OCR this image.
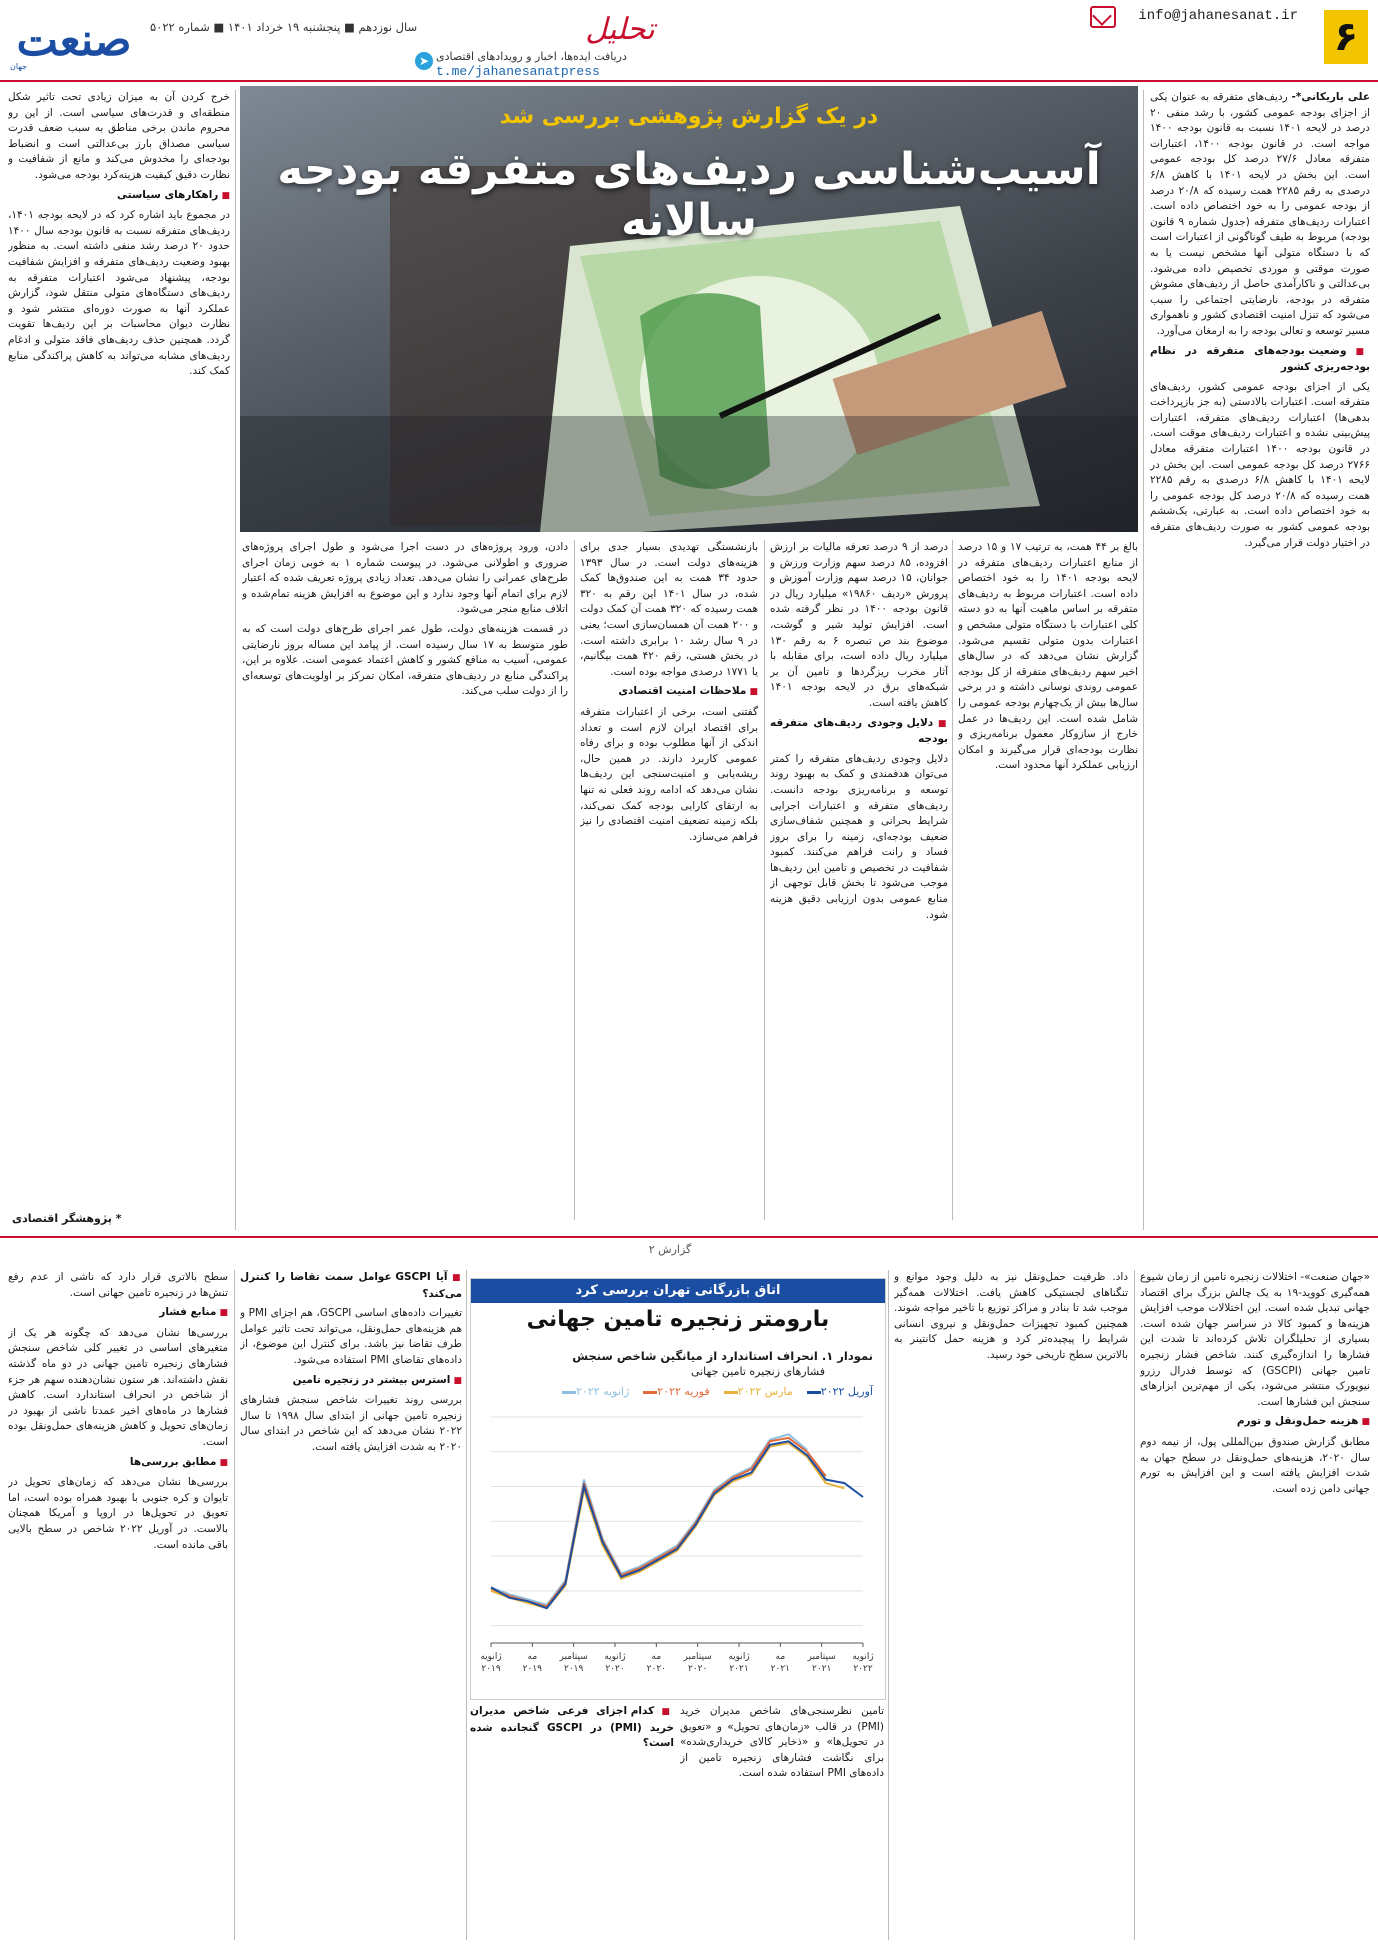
۶
info@jahanesanat.ir
تحلیل
دریافت ایده‌ها، اخبار و رویدادهای اقتصادی
➤
t.me/jahanesanatpress
سال نوزدهم ■ پنجشنبه ۱۹ خرداد ۱۴۰۱ ■ شماره ۵۰۲۲
صنعت
جهان

علی باریکانی*- ردیف‌های متفرقه به عنوان یکی از اجزای بودجه عمومی کشور، با رشد منفی ۲۰ درصد در لایحه ۱۴۰۱ نسبت به قانون بودجه ۱۴۰۰ مواجه است. در قانون بودجه ۱۴۰۰، اعتبارات متفرقه معادل ۲۷/۶ درصد کل بودجه عمومی است. این بخش در لایحه ۱۴۰۱ با کاهش ۶/۸ درصدی به رقم ۲۲۸۵ همت رسیده که ۲۰/۸ درصد از بودجه عمومی را به خود اختصاص داده است. اعتبارات ردیف‌های متفرقه (جدول شماره ۹ قانون بودجه) مربوط به طیف گوناگونی از اعتبارات است که با دستگاه متولی آنها مشخص نیست یا به صورت موقتی و موردی تخصیص داده می‌شود. بی‌عدالتی و ناکارآمدی حاصل از ردیف‌های مشوش متفرقه در بودجه، نارضایتی اجتماعی را سبب می‌شود که تنزل امنیت اقتصادی کشور و ناهمواری مسیر توسعه و تعالی بودجه را به ارمغان می‌آورد.

■ وضعیت بودجه‌های متفرقه در نظام بودجه‌ریزی کشور

یکی از اجزای بودجه عمومی کشور، ردیف‌های متفرقه است. اعتبارات بالادستی (به جز بازپرداخت بدهی‌ها) اعتبارات ردیف‌های متفرقه، اعتبارات پیش‌بینی نشده و اعتبارات ردیف‌های موقت است. در قانون بودجه ۱۴۰۰ اعتبارات متفرقه معادل ۲۷۶۶ درصد کل بودجه عمومی است. این بخش در لایحه ۱۴۰۱ با کاهش ۶/۸ درصدی به رقم ۲۲۸۵ همت رسیده که ۲۰/۸ درصد کل بودجه عمومی را به خود اختصاص داده است. به عبارتی، یک‌ششم بودجه عمومی کشور به صورت ردیف‌های متفرقه در اختیار دولت قرار می‌گیرد.

در یک گزارش پژوهشی بررسی شد
آسیب‌شناسی ردیف‌های متفرقه بودجه سالانه

خرج کردن آن به میزان زیادی تحت تاثیر شکل منطقه‌ای و قدرت‌های سیاسی است. از این رو محروم ماندن برخی مناطق به سبب ضعف قدرت سیاسی مصداق بارز بی‌عدالتی است و انضباط بودجه‌ای را مخدوش می‌کند و مانع از شفافیت و نظارت دقیق کیفیت هزینه‌کرد بودجه می‌شود.

■ راهکارهای سیاستی

در مجموع باید اشاره کرد که در لایحه بودجه ۱۴۰۱، ردیف‌های متفرقه نسبت به قانون بودجه سال ۱۴۰۰ حدود ۲۰ درصد رشد منفی داشته است. به منظور بهبود وضعیت ردیف‌های متفرقه و افزایش شفافیت بودجه، پیشنهاد می‌شود اعتبارات متفرقه به ردیف‌های دستگاه‌های متولی منتقل شود، گزارش عملکرد آنها به صورت دوره‌ای منتشر شود و نظارت دیوان محاسبات بر این ردیف‌ها تقویت گردد. همچنین حذف ردیف‌های فاقد متولی و ادغام ردیف‌های مشابه می‌تواند به کاهش پراکندگی منابع کمک کند.

* پژوهشگر اقتصادی

بالغ بر ۴۴ همت، به ترتیب ۱۷ و ۱۵ درصد از منابع اعتبارات ردیف‌های متفرقه در لایحه بودجه ۱۴۰۱ را به خود اختصاص داده است. اعتبارات مربوط به ردیف‌های متفرقه بر اساس ماهیت آنها به دو دسته کلی اعتبارات با دستگاه متولی مشخص و اعتبارات بدون متولی تقسیم می‌شود. گزارش نشان می‌دهد که در سال‌های اخیر سهم ردیف‌های متفرقه از کل بودجه عمومی روندی نوسانی داشته و در برخی سال‌ها بیش از یک‌چهارم بودجه عمومی را شامل شده است. این ردیف‌ها در عمل خارج از سازوکار معمول برنامه‌ریزی و نظارت بودجه‌ای قرار می‌گیرند و امکان ارزیابی عملکرد آنها محدود است.

درصد از ۹ درصد تعرفه مالیات بر ارزش افزوده، ۸۵ درصد سهم وزارت ورزش و جوانان، ۱۵ درصد سهم وزارت آموزش و پرورش «ردیف ۱۹۸۶۰» میلیارد ریال در قانون بودجه ۱۴۰۰ در نظر گرفته شده است. افزایش تولید شیر و گوشت، موضوع بند ص تبصره ۶ به رقم ۱۳۰ میلیارد ریال داده است، برای مقابله با آثار مخرب ریزگردها و تامین آن بر شبکه‌های برق در لایحه بودجه ۱۴۰۱ کاهش یافته است.

■ دلایل وجودی ردیف‌های متفرقه بودجه

دلایل وجودی ردیف‌های متفرقه را کمتر می‌توان هدفمندی و کمک به بهبود روند توسعه و برنامه‌ریزی بودجه دانست. ردیف‌های متفرقه و اعتبارات اجرایی شرایط بحرانی و همچنین شفاف‌سازی ضعیف بودجه‌ای، زمینه را برای بروز فساد و رانت فراهم می‌کنند. کمبود شفافیت در تخصیص و تامین این ردیف‌ها موجب می‌شود تا بخش قابل توجهی از منابع عمومی بدون ارزیابی دقیق هزینه شود.

بازنشستگی تهدیدی بسیار جدی برای هزینه‌های دولت است. در سال ۱۳۹۳ حدود ۳۴ همت به این صندوق‌ها کمک شده، در سال ۱۴۰۱ این رقم به ۳۲۰ همت رسیده که ۳۲۰ همت آن کمک دولت و ۲۰۰ همت آن همسان‌سازی است؛ یعنی در ۹ سال رشد ۱۰ برابری داشته است. در بخش هستی، رقم ۴۲۰ همت بیگانیم، یا ۱۷۷۱ درصدی مواجه بوده است.

■ ملاحظات امنیت اقتصادی

گفتنی است، برخی از اعتبارات متفرقه برای اقتصاد ایران لازم است و تعداد اندکی از آنها مطلوب بوده و برای رفاه عمومی کاربرد دارند. در همین حال، ریشه‌یابی و امنیت‌سنجی این ردیف‌ها نشان می‌دهد که ادامه روند فعلی نه تنها به ارتقای کارایی بودجه کمک نمی‌کند، بلکه زمینه تضعیف امنیت اقتصادی را نیز فراهم می‌سازد.

دادن، ورود پروژه‌های در دست اجرا می‌شود و طول اجرای پروژه‌های ضروری و اطولانی می‌شود. در پیوست شماره ۱ به خوبی زمان اجرای طرح‌های عمرانی را نشان می‌دهد. تعداد زیادی پروژه تعریف شده که اعتبار لازم برای اتمام آنها وجود ندارد و این موضوع به افزایش هزینه تمام‌شده و اتلاف منابع منجر می‌شود.

در قسمت هزینه‌های دولت، طول عمر اجرای طرح‌های دولت است که به طور متوسط به ۱۷ سال رسیده است. از پیامد این مساله بروز نارضایتی عمومی، آسیب به منافع کشور و کاهش اعتماد عمومی است. علاوه بر این، پراکندگی منابع در ردیف‌های متفرقه، امکان تمرکز بر اولویت‌های توسعه‌ای را از دولت سلب می‌کند.

گزارش ۲

«جهان صنعت»- اختلالات زنجیره تامین از زمان شیوع همه‌گیری کووید-۱۹ به یک چالش بزرگ برای اقتصاد جهانی تبدیل شده است. این اختلالات موجب افزایش هزینه‌ها و کمبود کالا در سراسر جهان شده است. بسیاری از تحلیلگران تلاش کرده‌اند تا شدت این فشارها را اندازه‌گیری کنند. شاخص فشار زنجیره تامین جهانی (GSCPI) که توسط فدرال رزرو نیویورک منتشر می‌شود، یکی از مهم‌ترین ابزارهای سنجش این فشارها است.

■ هزینه حمل‌ونقل و تورم

مطابق گزارش صندوق بین‌المللی پول، از نیمه دوم سال ۲۰۲۰، هزینه‌های حمل‌ونقل در سطح جهان به شدت افزایش یافته است و این افزایش به تورم جهانی دامن زده است.

داد. ظرفیت حمل‌ونقل نیز به دلیل وجود موانع و تنگناهای لجستیکی کاهش یافت. اختلالات همه‌گیر موجب شد تا بنادر و مراکز توزیع با تاخیر مواجه شوند. همچنین کمبود تجهیزات حمل‌ونقل و نیروی انسانی شرایط را پیچیده‌تر کرد و هزینه حمل کانتینر به بالاترین سطح تاریخی خود رسید.

اتاق بازرگانی تهران بررسی کرد
بارومتر زنجیره تامین جهانی
نمودار ۱. انحراف استاندارد از میانگین شاخص سنجش
فشارهای زنجیره تامین جهانی
آوریل ۲۰۲۲مارس ۲۰۲۲فوریه ۲۰۲۲ژانویه ۲۰۲۲
ژانویه
۲۰۱۹
مه
۲۰۱۹
سپتامبر
۲۰۱۹
ژانویه
۲۰۲۰
مه
۲۰۲۰
سپتامبر
۲۰۲۰
ژانویه
۲۰۲۱
مه
۲۰۲۱
سپتامبر
۲۰۲۱
ژانویه
۲۰۲۲

تامین نظرسنجی‌های شاخص مدیران خرید (PMI) در قالب «زمان‌های تحویل» و «تعویق در تحویل‌ها» و «ذخایر کالای خریداری‌شده» برای نگاشت فشارهای زنجیره تامین از داده‌های PMI استفاده شده است.

■ کدام اجزای فرعی شاخص مدیران خرید (PMI) در GSCPI گنجانده شده است؟

■ آیا GSCPI عوامل سمت تقاضا را کنترل می‌کند؟

تغییرات داده‌های اساسی GSCPI، هم اجزای PMI و هم هزینه‌های حمل‌ونقل، می‌تواند تحت تاثیر عوامل طرف تقاضا نیز باشد. برای کنترل این موضوع، از داده‌های تقاضای PMI استفاده می‌شود.

■ استرس بیشتر در زنجیره تامین

بررسی روند تغییرات شاخص سنجش فشارهای زنجیره تامین جهانی از ابتدای سال ۱۹۹۸ تا سال ۲۰۲۲ نشان می‌دهد که این شاخص در ابتدای سال ۲۰۲۰ به شدت افزایش یافته است.

سطح بالاتری قرار دارد که ناشی از عدم رفع تنش‌ها در زنجیره تامین جهانی است.

■ منابع فشار

بررسی‌ها نشان می‌دهد که چگونه هر یک از متغیرهای اساسی در تغییر کلی شاخص سنجش فشارهای زنجیره تامین جهانی در دو ماه گذشته نقش داشته‌اند. هر ستون نشان‌دهنده سهم هر جزء از شاخص در انحراف استاندارد است. کاهش فشارها در ماه‌های اخیر عمدتا ناشی از بهبود در زمان‌های تحویل و کاهش هزینه‌های حمل‌ونقل بوده است.

■ مطابق بررسی‌ها

بررسی‌ها نشان می‌دهد که زمان‌های تحویل در تایوان و کره جنوبی با بهبود همراه بوده است، اما تعویق در تحویل‌ها در اروپا و آمریکا همچنان بالاست. در آوریل ۲۰۲۲ شاخص در سطح بالایی باقی مانده است.
